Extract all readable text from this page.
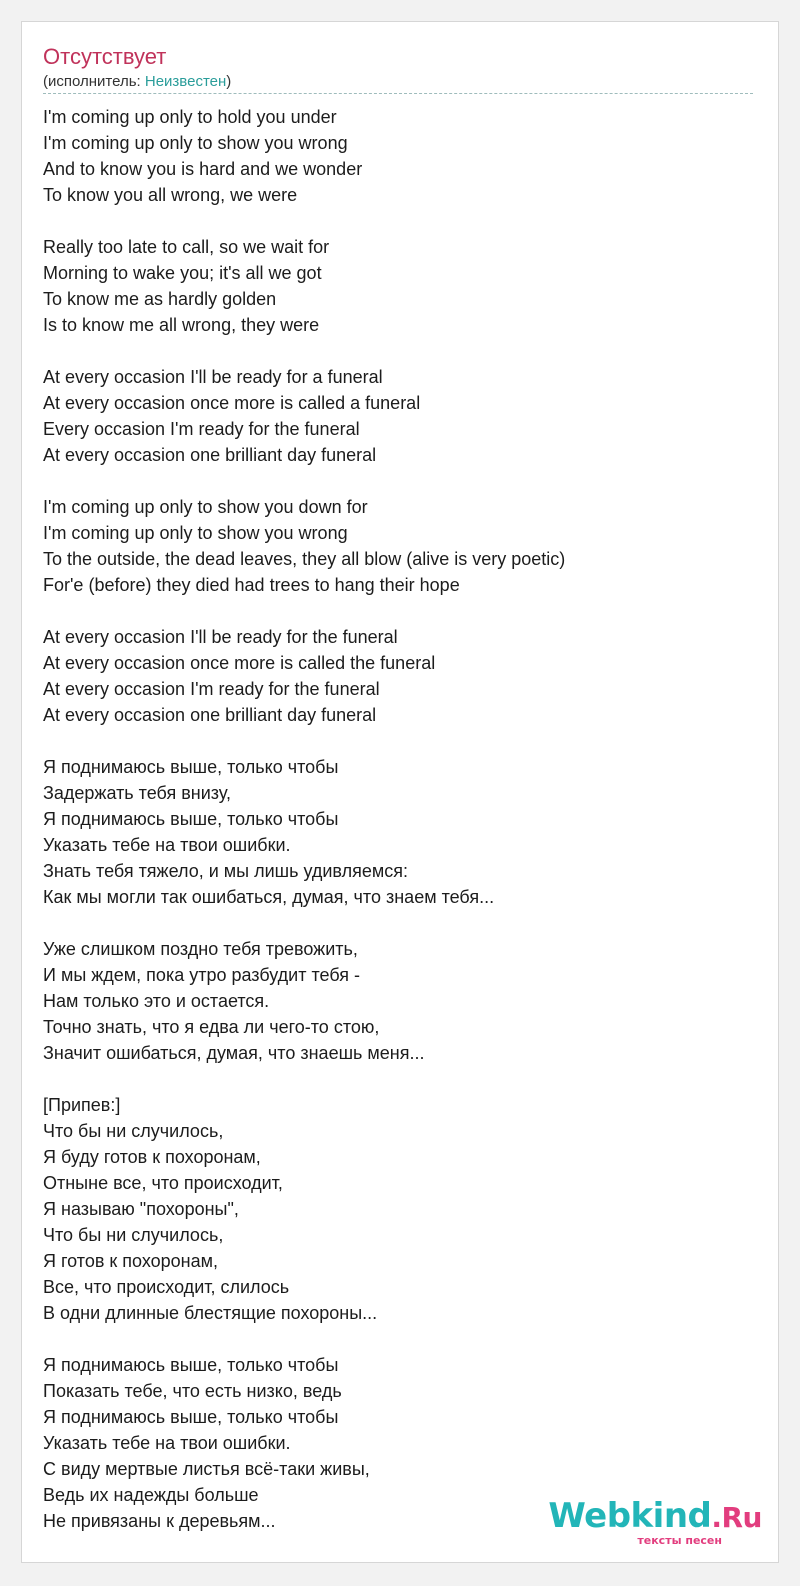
Отсутствует
(исполнитель: Неизвестен)
I'm coming up only to hold you under
I'm coming up only to show you wrong
And to know you is hard and we wonder
To know you all wrong, we were
Really too late to call, so we wait for
Morning to wake you; it's all we got
To know me as hardly golden
Is to know me all wrong, they were
At every occasion I'll be ready for a funeral
At every occasion once more is called a funeral
Every occasion I'm ready for the funeral
At every occasion one brilliant day funeral
I'm coming up only to show you down for
I'm coming up only to show you wrong
To the outside, the dead leaves, they all blow (alive is very poetic)
For'e (before) they died had trees to hang their hope
At every occasion I'll be ready for the funeral
At every occasion once more is called the funeral
At every occasion I'm ready for the funeral
At every occasion one brilliant day funeral
Я поднимаюсь выше, только чтобы
Задержать тебя внизу,
Я поднимаюсь выше, только чтобы
Указать тебе на твои ошибки.
Знать тебя тяжело, и мы лишь удивляемся:
Как мы могли так ошибаться, думая, что знаем тебя...
Уже слишком поздно тебя тревожить,
И мы ждем, пока утро разбудит тебя -
Нам только это и остается.
Точно знать, что я едва ли чего-то стою,
Значит ошибаться, думая, что знаешь меня...
[Припев:]
Что бы ни случилось,
Я буду готов к похоронам,
Отныне все, что происходит,
Я называю "похороны",
Что бы ни случилось,
Я готов к похоронам,
Все, что происходит, слилось
В одни длинные блестящие похороны...
Я поднимаюсь выше, только чтобы
Показать тебе, что есть низко, ведь
Я поднимаюсь выше, только чтобы
Указать тебе на твои ошибки.
С виду мертвые листья всё-таки живы,
Ведь их надежды больше
Не привязаны к деревьям...	Webkind.Ru
тексты песен
